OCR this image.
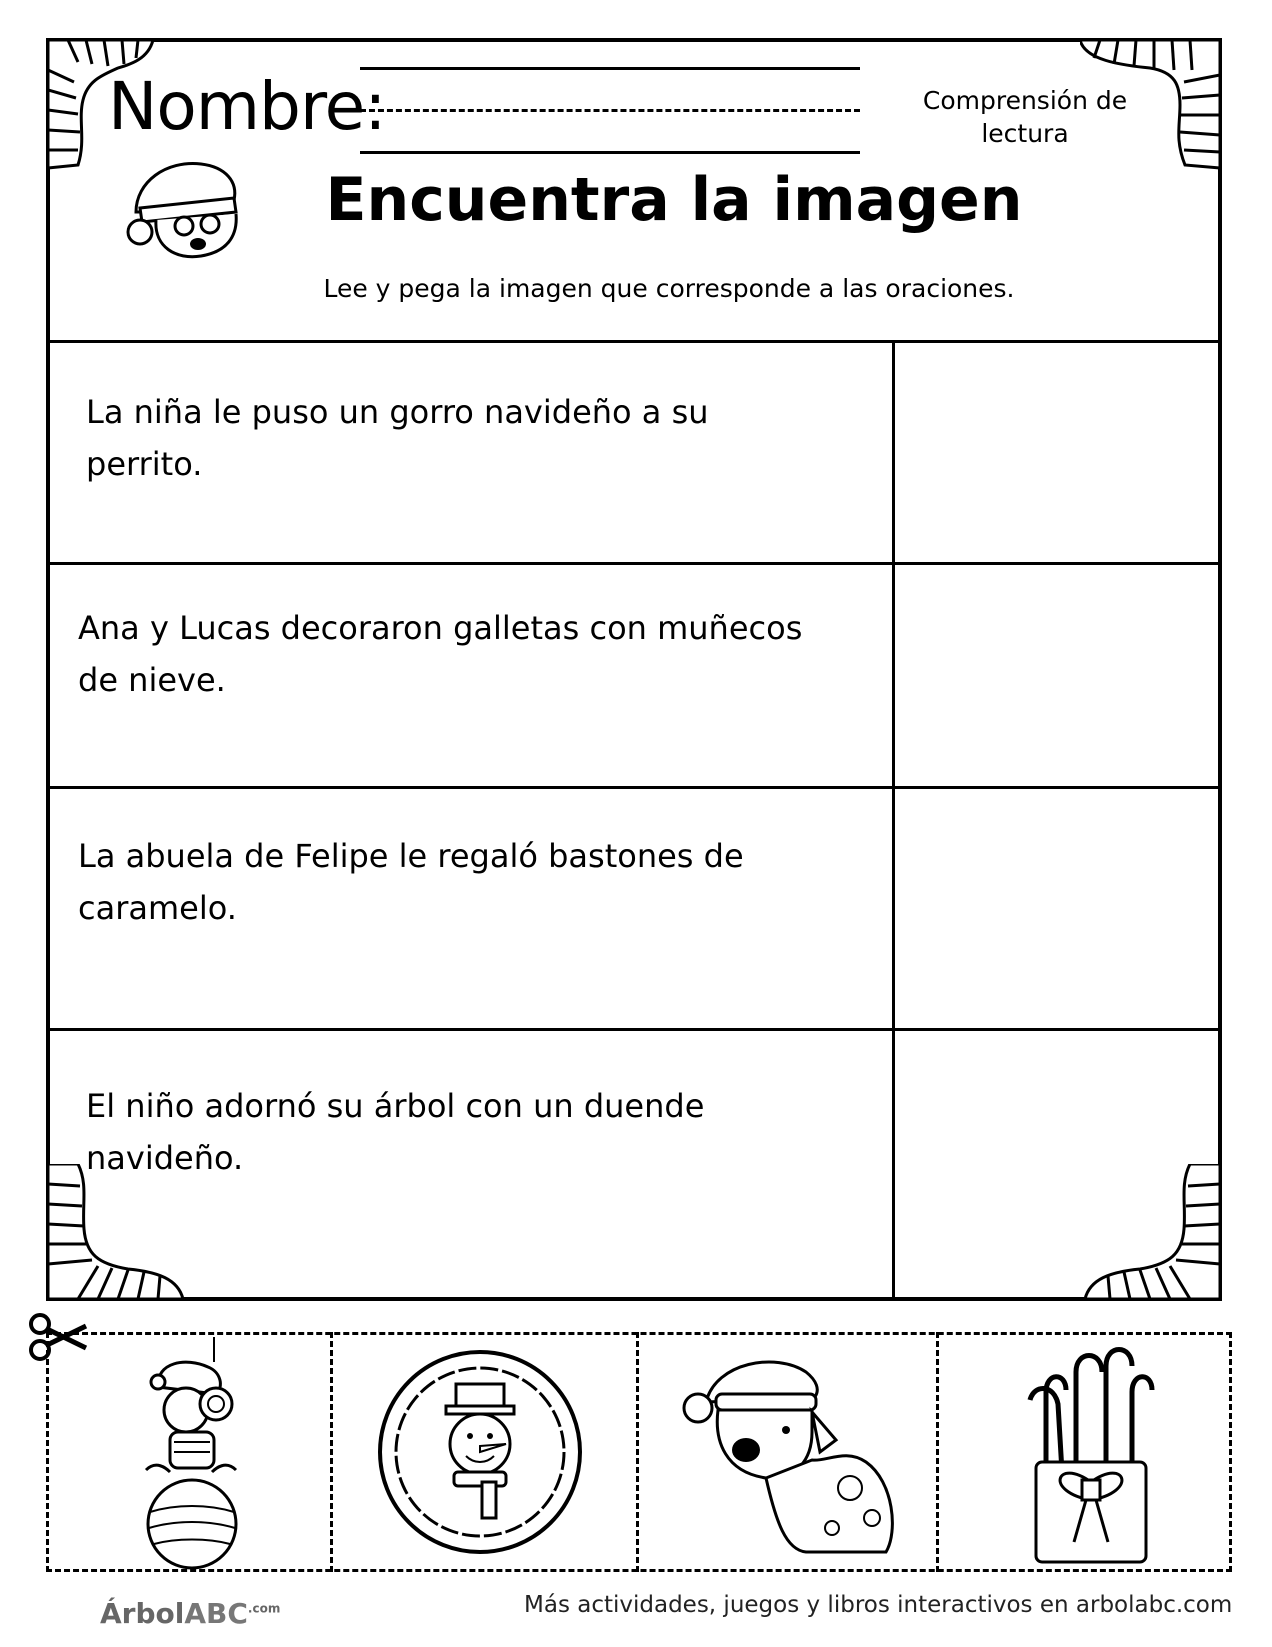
Nombre:	Comprensión de
lectura
Encuentra la imagen
Lee y pega la imagen que corresponde a las oraciones.
La niña le puso un gorro navideño a su
perrito.
Ana y Lucas decoraron galletas con muñecos
de nieve.
La abuela de Felipe le regaló bastones de
caramelo.
El niño adornó su árbol con un duende
navideño.
ÁrbolABC$^{.com}$	Más actividades, juegos y libros interactivos en arbolabc.com
